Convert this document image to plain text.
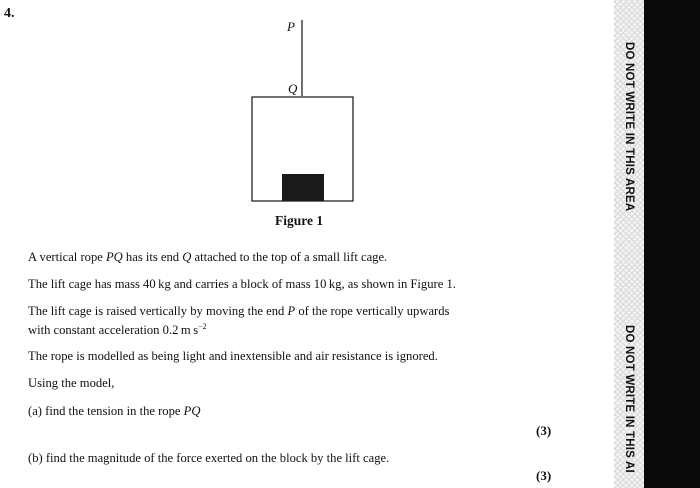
4.
P
Q
Figure 1
A vertical rope PQ has its end Q attached to the top of a small lift cage.
The lift cage has mass 40 kg and carries a block of mass 10 kg, as shown in Figure 1.
The lift cage is raised vertically by moving the end P of the rope vertically upwards
with constant acceleration 0.2 m $s^{-2}$
The rope is modelled as being light and inextensible and air resistance is ignored.
Using the model,
(a) find the tension in the rope PQ
(3)
(b) find the magnitude of the force exerted on the block by the lift cage.
(3)
DO NOT WRITE IN THIS AREA
DO NOT WRITE IN THIS AI
